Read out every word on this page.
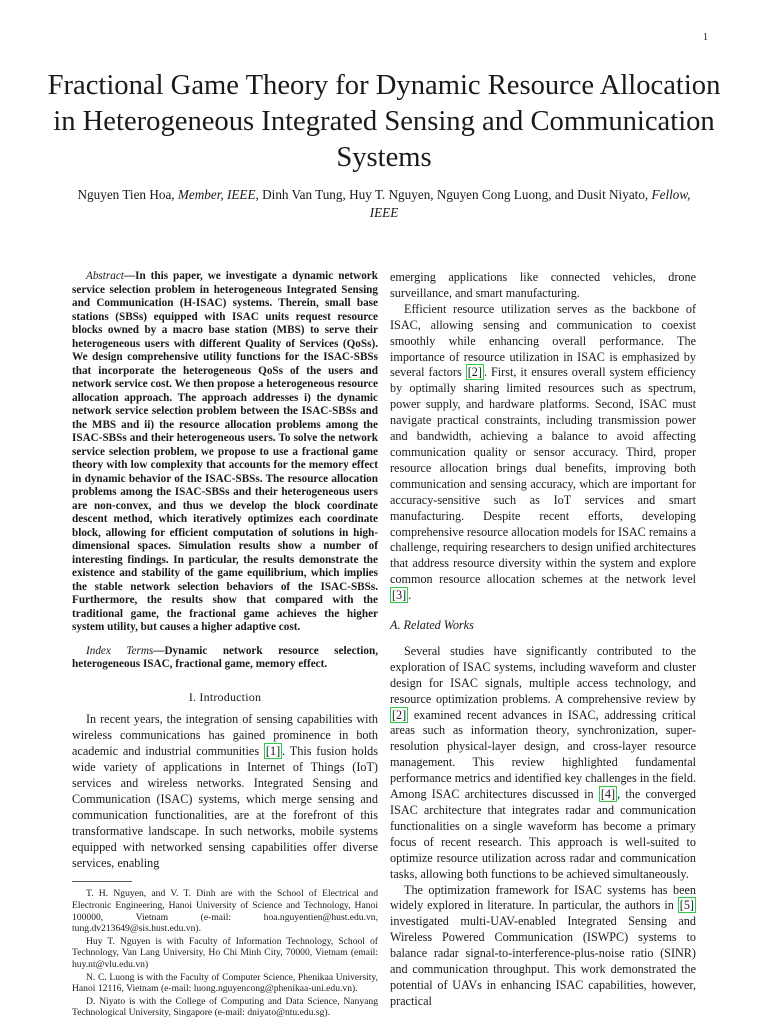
1
Fractional Game Theory for Dynamic Resource Allocation in Heterogeneous Integrated Sensing and Communication Systems
Nguyen Tien Hoa, Member, IEEE, Dinh Van Tung, Huy T. Nguyen, Nguyen Cong Luong, and Dusit Niyato, Fellow, IEEE

Abstract—In this paper, we investigate a dynamic network service selection problem in heterogeneous Integrated Sensing and Communication (H-ISAC) systems. Therein, small base stations (SBSs) equipped with ISAC units request resource blocks owned by a macro base station (MBS) to serve their heterogeneous users with different Quality of Services (QoSs). We design comprehensive utility functions for the ISAC-SBSs that incorporate the heterogeneous QoSs of the users and network service cost. We then propose a heterogeneous resource allocation approach. The approach addresses i) the dynamic network service selection problem between the ISAC-SBSs and the MBS and ii) the resource allocation problems among the ISAC-SBSs and their heterogeneous users. To solve the network service selection problem, we propose to use a fractional game theory with low complexity that accounts for the memory effect in dynamic behavior of the ISAC-SBSs. The resource allocation problems among the ISAC-SBSs and their heterogeneous users are non-convex, and thus we develop the block coordinate descent method, which iteratively optimizes each coordinate block, allowing for efficient computation of solutions in high-dimensional spaces. Simulation results show a number of interesting findings. In particular, the results demonstrate the existence and stability of the game equilibrium, which implies the stable network selection behaviors of the ISAC-SBSs. Furthermore, the results show that compared with the traditional game, the fractional game achieves the higher system utility, but causes a higher adaptive cost.

Index Terms—Dynamic network resource selection, heterogeneous ISAC, fractional game, memory effect.

I. Introduction

In recent years, the integration of sensing capabilities with wireless communications has gained prominence in both academic and industrial communities [1] . This fusion holds wide variety of applications in Internet of Things (IoT) services and wireless networks. Integrated Sensing and Communication (ISAC) systems, which merge sensing and communication functionalities, are at the forefront of this transformative landscape. In such networks, mobile systems equipped with networked sensing capabilities offer diverse services, enabling

T. H. Nguyen, and V. T. Dinh are with the School of Electrical and Electronic Engineering, Hanoi University of Science and Technology, Hanoi 100000, Vietnam (e-mail: hoa.nguyentien@hust.edu.vn, tung.dv213649@sis.hust.edu.vn).

Huy T. Nguyen is with Faculty of Information Technology, School of Technology, Van Lang University, Ho Chi Minh City, 70000, Vietnam (email: huy.nt@vlu.edu.vn)

N. C. Luong is with the Faculty of Computer Science, Phenikaa University, Hanoi 12116, Vietnam (e-mail: luong.nguyencong@phenikaa-uni.edu.vn).

D. Niyato is with the College of Computing and Data Science, Nanyang Technological University, Singapore (e-mail: dniyato@ntu.edu.sg).

emerging applications like connected vehicles, drone surveillance, and smart manufacturing.

Efficient resource utilization serves as the backbone of ISAC, allowing sensing and communication to coexist smoothly while enhancing overall performance. The importance of resource utilization in ISAC is emphasized by several factors [2] . First, it ensures overall system efficiency by optimally sharing limited resources such as spectrum, power supply, and hardware platforms. Second, ISAC must navigate practical constraints, including transmission power and bandwidth, achieving a balance to avoid affecting communication quality or sensor accuracy. Third, proper resource allocation brings dual benefits, improving both communication and sensing accuracy, which are important for accuracy-sensitive such as IoT services and smart manufacturing. Despite recent efforts, developing comprehensive resource allocation models for ISAC remains a challenge, requiring researchers to design unified architectures that address resource diversity within the system and explore common resource allocation schemes at the network level [3] .

A. Related Works

Several studies have significantly contributed to the exploration of ISAC systems, including waveform and cluster design for ISAC signals, multiple access technology, and resource optimization problems. A comprehensive review by [2] examined recent advances in ISAC, addressing critical areas such as information theory, synchronization, super-resolution physical-layer design, and cross-layer resource management. This review highlighted fundamental performance metrics and identified key challenges in the field. Among ISAC architectures discussed in [4] , the converged ISAC architecture that integrates radar and communication functionalities on a single waveform has become a primary focus of recent research. This approach is well-suited to optimize resource utilization across radar and communication tasks, allowing both functions to be achieved simultaneously.

The optimization framework for ISAC systems has been widely explored in literature. In particular, the authors in [5] investigated multi-UAV-enabled Integrated Sensing and Wireless Powered Communication (ISWPC) systems to balance radar signal-to-interference-plus-noise ratio (SINR) and communication throughput. This work demonstrated the potential of UAVs in enhancing ISAC capabilities, however, practical
